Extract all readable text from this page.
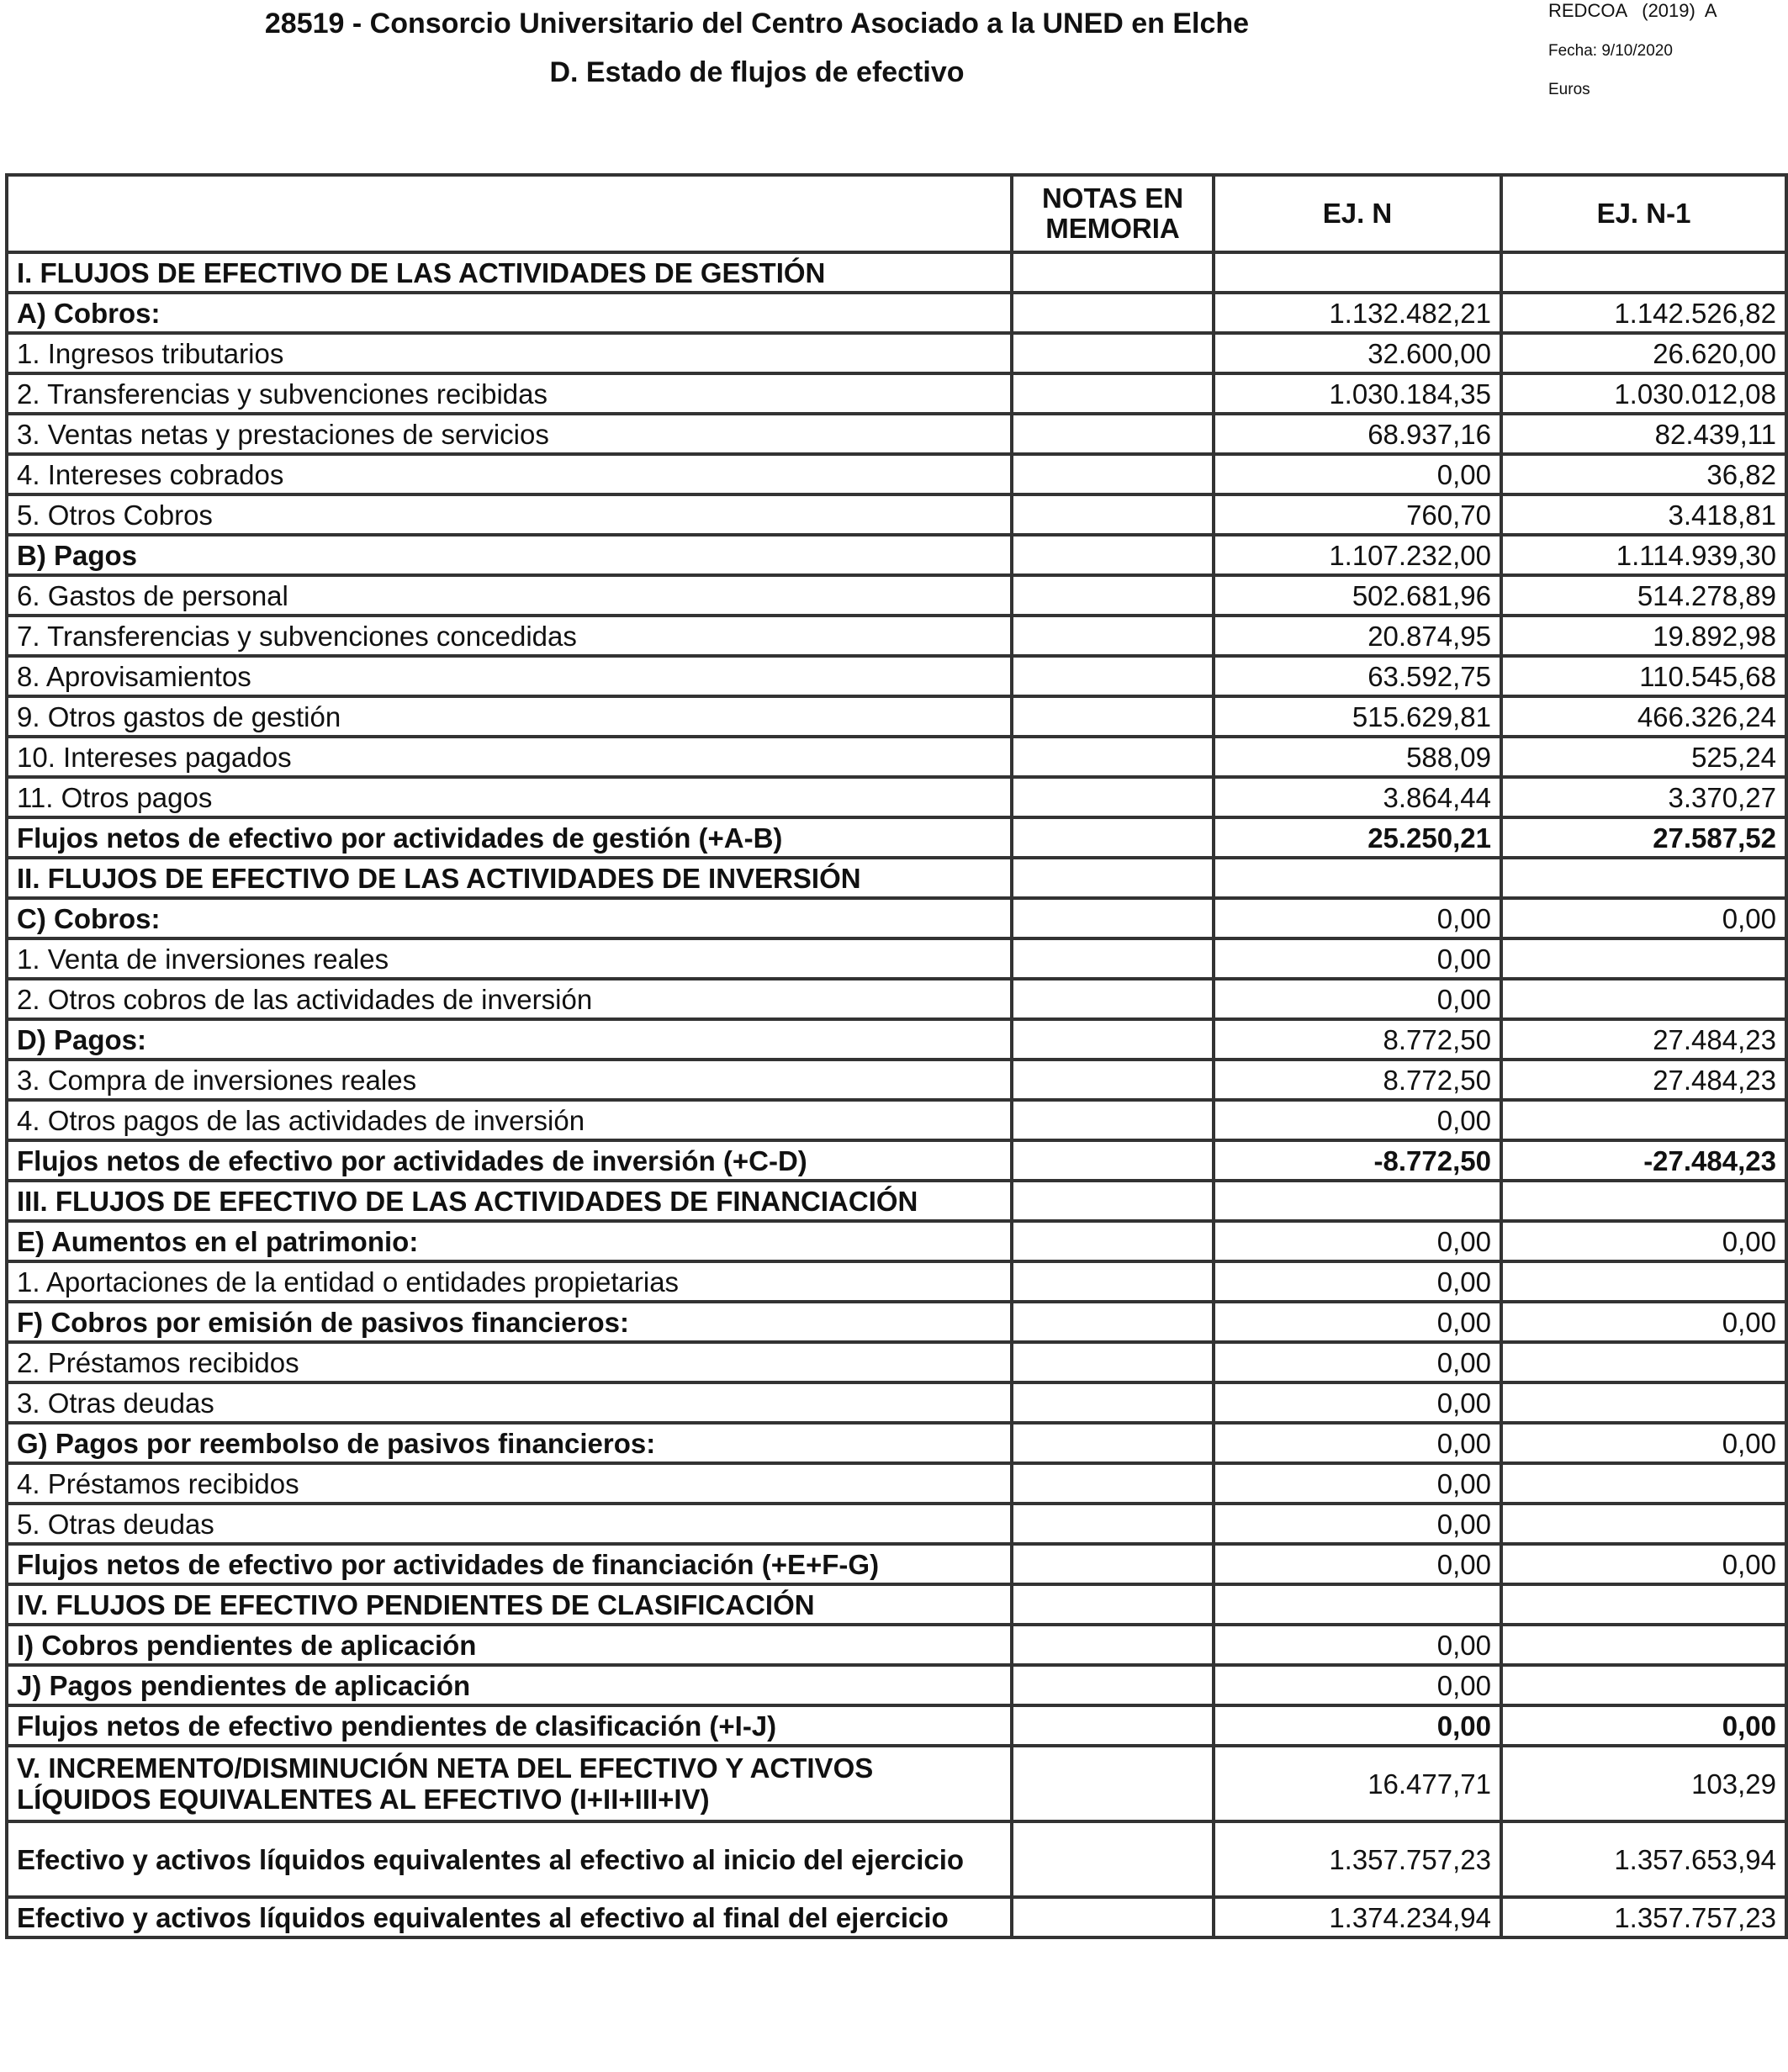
28519 - Consorcio Universitario del Centro Asociado a la UNED en Elche
D. Estado de flujos de efectivo
REDCOA   (2019)  A
Fecha: 9/10/2020
Euros
	NOTAS EN MEMORIA	EJ. N	EJ. N-1
I. FLUJOS DE EFECTIVO DE LAS ACTIVIDADES DE GESTIÓN			
A) Cobros:		1.132.482,21	1.142.526,82
1. Ingresos tributarios		32.600,00	26.620,00
2. Transferencias y subvenciones recibidas		1.030.184,35	1.030.012,08
3. Ventas netas y prestaciones de servicios		68.937,16	82.439,11
4. Intereses cobrados		0,00	36,82
5. Otros Cobros		760,70	3.418,81
B) Pagos		1.107.232,00	1.114.939,30
6. Gastos de personal		502.681,96	514.278,89
7. Transferencias y subvenciones concedidas		20.874,95	19.892,98
8. Aprovisamientos		63.592,75	110.545,68
9. Otros gastos de gestión		515.629,81	466.326,24
10. Intereses pagados		588,09	525,24
11. Otros pagos		3.864,44	3.370,27
Flujos netos de efectivo por actividades de gestión (+A-B)		25.250,21	27.587,52
II. FLUJOS DE EFECTIVO DE LAS ACTIVIDADES DE INVERSIÓN			
C) Cobros:		0,00	0,00
1. Venta de inversiones reales		0,00	
2. Otros cobros de las actividades de inversión		0,00	
D) Pagos:		8.772,50	27.484,23
3. Compra de inversiones reales		8.772,50	27.484,23
4. Otros pagos de las actividades de inversión		0,00	
Flujos netos de efectivo por actividades de inversión (+C-D)		-8.772,50	-27.484,23
III. FLUJOS DE EFECTIVO DE LAS ACTIVIDADES DE FINANCIACIÓN			
E) Aumentos en el patrimonio:		0,00	0,00
1. Aportaciones de la entidad o entidades propietarias		0,00	
F) Cobros por emisión de pasivos financieros:		0,00	0,00
2. Préstamos recibidos		0,00	
3. Otras deudas		0,00	
G) Pagos por reembolso de pasivos financieros:		0,00	0,00
4. Préstamos recibidos		0,00	
5. Otras deudas		0,00	
Flujos netos de efectivo por actividades de financiación (+E+F-G)		0,00	0,00
IV. FLUJOS DE EFECTIVO PENDIENTES DE CLASIFICACIÓN			
I) Cobros pendientes de aplicación		0,00	
J) Pagos pendientes de aplicación		0,00	
Flujos netos de efectivo pendientes de clasificación (+I-J)		0,00	0,00
V. INCREMENTO/DISMINUCIÓN NETA DEL EFECTIVO Y ACTIVOS LÍQUIDOS EQUIVALENTES AL EFECTIVO (I+II+III+IV)		16.477,71	103,29
Efectivo y activos líquidos equivalentes al efectivo al inicio del ejercicio		1.357.757,23	1.357.653,94
Efectivo y activos líquidos equivalentes al efectivo al final del ejercicio		1.374.234,94	1.357.757,23
